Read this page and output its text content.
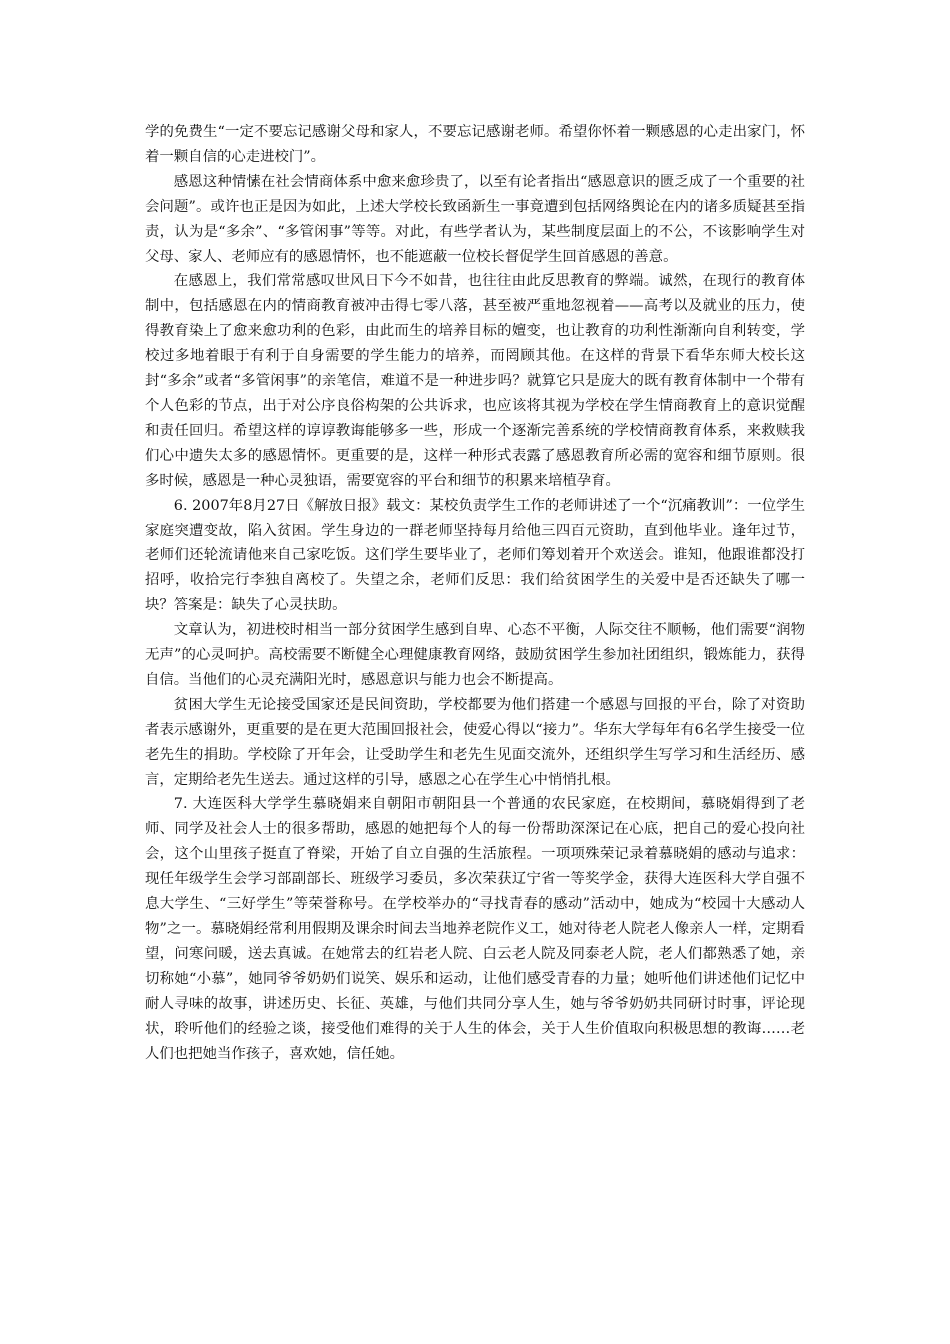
学的免费生“一定不要忘记感谢父母和家人，不要忘记感谢老师。希望你怀着一颗感恩的心走出家门，怀着一颗自信的心走进校门”。

感恩这种情愫在社会情商体系中愈来愈珍贵了，以至有论者指出“感恩意识的匮乏成了一个重要的社会问题”。或许也正是因为如此，上述大学校长致函新生一事竟遭到包括网络舆论在内的诸多质疑甚至指责，认为是“多余”、“多管闲事”等等。对此，有些学者认为，某些制度层面上的不公，不该影响学生对父母、家人、老师应有的感恩情怀，也不能遮蔽一位校长督促学生回首感恩的善意。

在感恩上，我们常常感叹世风日下今不如昔，也往往由此反思教育的弊端。诚然，在现行的教育体制中，包括感恩在内的情商教育被冲击得七零八落，甚至被严重地忽视着——高考以及就业的压力，使得教育染上了愈来愈功利的色彩，由此而生的培养目标的嬗变，也让教育的功利性渐渐向自利转变，学校过多地着眼于有利于自身需要的学生能力的培养，而罔顾其他。在这样的背景下看华东师大校长这封“多余”或者“多管闲事”的亲笔信，难道不是一种进步吗？就算它只是庞大的既有教育体制中一个带有个人色彩的节点，出于对公序良俗构架的公共诉求，也应该将其视为学校在学生情商教育上的意识觉醒和责任回归。希望这样的谆谆教诲能够多一些，形成一个逐渐完善系统的学校情商教育体系，来救赎我们心中遗失太多的感恩情怀。更重要的是，这样一种形式表露了感恩教育所必需的宽容和细节原则。很多时候，感恩是一种心灵独语，需要宽容的平台和细节的积累来培植孕育。

6. 2007年8月27日《解放日报》载文：某校负责学生工作的老师讲述了一个“沉痛教训”：一位学生家庭突遭变故，陷入贫困。学生身边的一群老师坚持每月给他三四百元资助，直到他毕业。逢年过节，老师们还轮流请他来自己家吃饭。这们学生要毕业了，老师们筹划着开个欢送会。谁知，他跟谁都没打招呼，收拾完行李独自离校了。失望之余，老师们反思：我们给贫困学生的关爱中是否还缺失了哪一块？答案是：缺失了心灵扶助。

文章认为，初进校时相当一部分贫困学生感到自卑、心态不平衡，人际交往不顺畅，他们需要“润物无声”的心灵呵护。高校需要不断健全心理健康教育网络，鼓励贫困学生参加社团组织，锻炼能力，获得自信。当他们的心灵充满阳光时，感恩意识与能力也会不断提高。

贫困大学生无论接受国家还是民间资助，学校都要为他们搭建一个感恩与回报的平台，除了对资助者表示感谢外，更重要的是在更大范围回报社会，使爱心得以“接力”。华东大学每年有6名学生接受一位老先生的捐助。学校除了开年会，让受助学生和老先生见面交流外，还组织学生写学习和生活经历、感言，定期给老先生送去。通过这样的引导，感恩之心在学生心中悄悄扎根。

7. 大连医科大学学生慕晓娟来自朝阳市朝阳县一个普通的农民家庭，在校期间，慕晓娟得到了老师、同学及社会人士的很多帮助，感恩的她把每个人的每一份帮助深深记在心底，把自己的爱心投向社会，这个山里孩子挺直了脊梁，开始了自立自强的生活旅程。一项项殊荣记录着慕晓娟的感动与追求：现任年级学生会学习部副部长、班级学习委员，多次荣获辽宁省一等奖学金，获得大连医科大学自强不息大学生、“三好学生”等荣誉称号。在学校举办的“寻找青春的感动”活动中，她成为“校园十大感动人物”之一。慕晓娟经常利用假期及课余时间去当地养老院作义工，她对待老人院老人像亲人一样，定期看望，问寒问暖，送去真诚。在她常去的红岩老人院、白云老人院及同泰老人院，老人们都熟悉了她，亲切称她“小慕”，她同爷爷奶奶们说笑、娱乐和运动，让他们感受青春的力量；她听他们讲述他们记忆中耐人寻味的故事，讲述历史、长征、英雄，与他们共同分享人生，她与爷爷奶奶共同研讨时事，评论现状，聆听他们的经验之谈，接受他们难得的关于人生的体会，关于人生价值取向积极思想的教诲……老人们也把她当作孩子，喜欢她，信任她。
